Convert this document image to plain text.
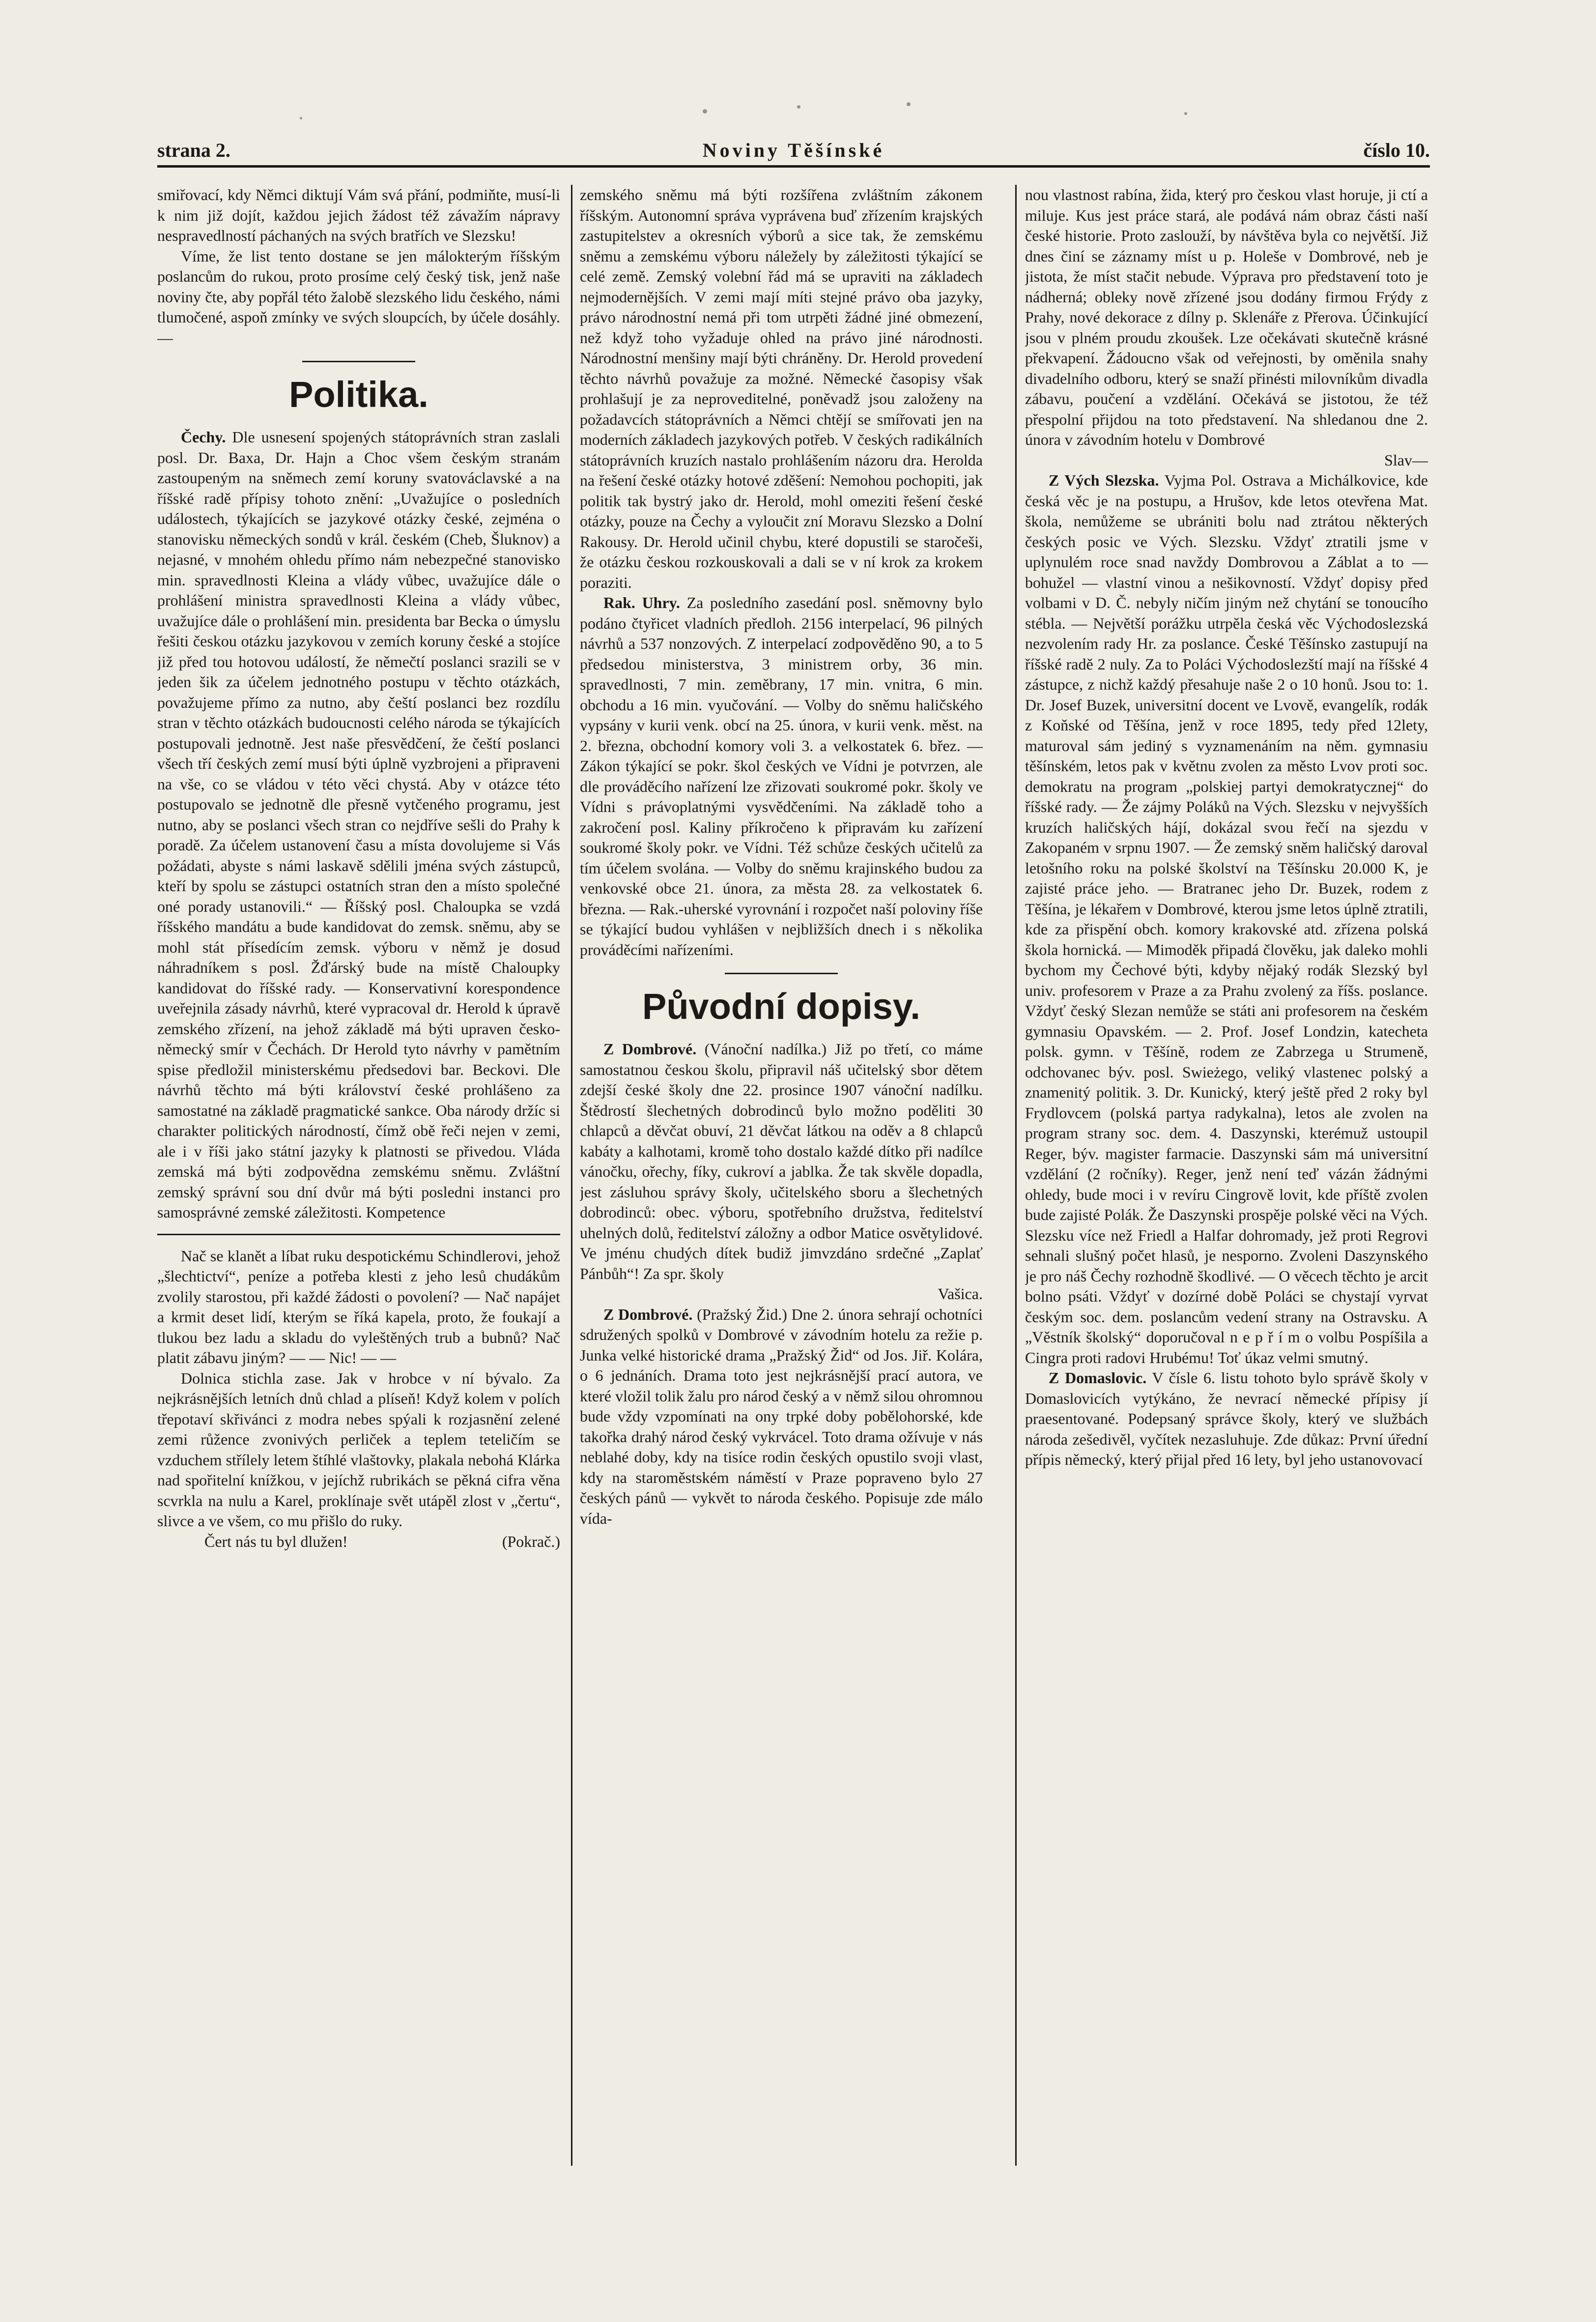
strana 2.	Noviny Těšínské	číslo 10.

smiřovací, kdy Němci diktují Vám svá přání, podmiňte, musí-li k nim již dojít, každou jejich žádost též závažím nápravy nespravedlností páchaných na svých bratřích ve Slezsku!

Víme, že list tento dostane se jen málokterým říšským poslancům do rukou, proto prosíme celý český tisk, jenž naše noviny čte, aby popřál této žalobě slezského lidu českého, námi tlumočené, aspoň zmínky ve svých sloupcích, by účele dosáhly. —

Politika.

Čechy. Dle usnesení spojených státoprávních stran zaslali posl. Dr. Baxa, Dr. Hajn a Choc všem českým stranám zastoupeným na sněmech zemí koruny svatováclavské a na říšské radě přípisy tohoto znění: „Uvažujíce o posledních událostech, týkajících se jazykové otázky české, zejména o stanovisku německých sondů v král. českém (Cheb, Šluknov) a nejasné, v mnohém ohledu přímo nám nebezpečné stanovisko min. spravedlnosti Kleina a vlády vůbec, uvažujíce dále o prohlášení ministra spravedlnosti Kleina a vlády vůbec, uvažujíce dále o prohlášení min. presidenta bar Becka o úmyslu řešiti českou otázku jazykovou v zemích koruny české a stojíce již před tou hotovou událostí, že němečtí poslanci srazili se v jeden šik za účelem jednotného postupu v těchto otázkách, považujeme přímo za nutno, aby čeští poslanci bez rozdílu stran v těchto otázkách budoucnosti celého národa se týkajících postupovali jednotně. Jest naše přesvědčení, že čeští poslanci všech tří českých zemí musí býti úplně vyzbrojeni a připraveni na vše, co se vládou v této věci chystá. Aby v otázce této postupovalo se jednotně dle přesně vytčeného programu, jest nutno, aby se poslanci všech stran co nejdříve sešli do Prahy k poradě. Za účelem ustanovení času a místa dovolujeme si Vás požádati, abyste s námi laskavě sdělili jména svých zástupců, kteří by spolu se zástupci ostatních stran den a místo společné oné porady ustanovili.“ — Říšský posl. Chaloupka se vzdá říšského mandátu a bude kandidovat do zemsk. sněmu, aby se mohl stát přísedícím zemsk. výboru v němž je dosud náhradníkem s posl. Žďárský bude na místě Chaloupky kandidovat do říšské rady. — Konservativní korespondence uveřejnila zásady návrhů, které vypracoval dr. Herold k úpravě zemského zřízení, na jehož základě má býti upraven česko-německý smír v Čechách. Dr Herold tyto návrhy v pamětním spise předložil ministerskému předsedovi bar. Beckovi. Dle návrhů těchto má býti království české prohlášeno za samostatné na základě pragmatické sankce. Oba národy držíc si charakter politických národností, čímž obě řeči nejen v zemi, ale i v říši jako státní jazyky k platnosti se přivedou. Vláda zemská má býti zodpovědna zemskému sněmu. Zvláštní zemský správní sou dní dvůr má býti posledni instanci pro samosprávné zemské záležitosti. Kompetence

Nač se klanět a líbat ruku despotickému Schindlerovi, jehož „šlechtictví“, peníze a potřeba klesti z jeho lesů chudákům zvolily starostou, při každé žádosti o povolení? — Nač napájet a krmit deset lidí, kterým se říká kapela, proto, že foukají a tlukou bez ladu a skladu do vyleštěných trub a bubnů? Nač platit zábavu jiným? — — Nic! — —

Dolnica stichla zase. Jak v hrobce v ní bývalo. Za nejkrásnějších letních dnů chlad a plíseň! Když kolem v polích třepotaví skřivánci z modra nebes spýali k rozjasnění zelené zemi růžence zvonivých perliček a teplem teteličím se vzduchem střílely letem štíhlé vlaštovky, plakala nebohá Klárka nad spořitelní knížkou, v jejíchž rubrikách se pěkná cifra věna scvrkla na nulu a Karel, proklínaje svět utápěl zlost v „čertu“, slivce a ve všem, co mu přišlo do ruky.

Čert nás tu byl dlužen!	(Pokrač.)

zemského sněmu má býti rozšířena zvláštním zákonem říšským. Autonomní správa vyprávena buď zřízením krajských zastupitelstev a okresních výborů a sice tak, že zemskému sněmu a zemskému výboru náležely by záležitosti týkající se celé země. Zemský volební řád má se upraviti na základech nejmodernějších. V zemi mají míti stejné právo oba jazyky, právo národnostní nemá při tom utrpěti žádné jiné obmezení, než když toho vyžaduje ohled na právo jiné národnosti. Národnostní menšiny mají býti chráněny. Dr. Herold provedení těchto návrhů považuje za možné. Německé časopisy však prohlašují je za neproveditelné, poněvadž jsou založeny na požadavcích státoprávních a Němci chtějí se smířovati jen na moderních základech jazykových potřeb. V českých radikálních státoprávních kruzích nastalo prohlášením názoru dra. Herolda na řešení české otázky hotové zděšení: Nemohou pochopiti, jak politik tak bystrý jako dr. Herold, mohl omeziti řešení české otázky, pouze na Čechy a vyloučit zní Moravu Slezsko a Dolní Rakousy. Dr. Herold učinil chybu, které dopustili se staročeši, že otázku českou rozkouskovali a dali se v ní krok za krokem poraziti.

Rak. Uhry. Za posledního zasedání posl. sněmovny bylo podáno čtyřicet vladních předloh. 2156 interpelací, 96 pilných návrhů a 537 nonzových. Z interpelací zodpověděno 90, a to 5 předsedou ministerstva, 3 ministrem orby, 36 min. spravedlnosti, 7 min. zeměbrany, 17 min. vnitra, 6 min. obchodu a 16 min. vyučování. — Volby do sněmu haličského vypsány v kurii venk. obcí na 25. února, v kurii venk. měst. na 2. března, obchodní komory voli 3. a velkostatek 6. břez. — Zákon týkající se pokr. škol českých ve Vídni je potvrzen, ale dle prováděcího nařízení lze zřizovati soukromé pokr. školy ve Vídni s právoplatnými vysvědčeními. Na základě toho a zakročení posl. Kaliny příkročeno k připravám ku zařízení soukromé školy pokr. ve Vídni. Též schůze českých učitelů za tím účelem svolána. — Volby do sněmu krajinského budou za venkovské obce 21. února, za města 28. za velkostatek 6. března. — Rak.-uherské vyrovnání i rozpočet naší poloviny říše se týkající budou vyhlášen v nejbližších dnech i s několika prováděcími nařízeními.

Původní dopisy.

Z Dombrové. (Vánoční nadílka.) Již po třetí, co máme samostatnou českou školu, připravil náš učitelský sbor dětem zdejší české školy dne 22. prosince 1907 vánoční nadílku. Štědrostí šlechetných dobrodinců bylo možno poděliti 30 chlapců a děvčat obuví, 21 děvčat látkou na oděv a 8 chlapců kabáty a kalhotami, kromě toho dostalo každé dítko při nadílce vánočku, ořechy, fíky, cukroví a jablka. Že tak skvěle dopadla, jest zásluhou správy školy, učitelského sboru a šlechetných dobrodinců: obec. výboru, spotřebního družstva, ředitelství uhelných dolů, ředitelství záložny a odbor Matice osvětylidové. Ve jménu chudých dítek budiž jimvzdáno srdečné „Zaplať Pánbůh“! Za spr. školy

Vašica.

Z Dombrové. (Pražský Žid.) Dne 2. února sehrají ochotníci sdružených spolků v Dombrové v závodním hotelu za režie p. Junka velké historické drama „Pražský Žid“ od Jos. Jiř. Kolára, o 6 jednáních. Drama toto jest nejkrásnější prací autora, ve které vložil tolik žalu pro národ český a v němž silou ohromnou bude vždy vzpomínati na ony trpké doby pobělohorské, kde takořka drahý národ český vykrvácel. Toto drama ožívuje v nás neblahé doby, kdy na tisíce rodin českých opustilo svoji vlast, kdy na staroměstském náměstí v Praze popraveno bylo 27 českých pánů — vykvět to národa českého. Popisuje zde málo vída-

nou vlastnost rabína, žida, který pro českou vlast horuje, ji ctí a miluje. Kus jest práce stará, ale podává nám obraz části naší české historie. Proto zaslouží, by návštěva byla co největší. Již dnes činí se záznamy míst u p. Holeše v Dombrové, neb je jistota, že míst stačit nebude. Výprava pro představení toto je nádherná; obleky nově zřízené jsou dodány firmou Frýdy z Prahy, nové dekorace z dílny p. Sklenáře z Přerova. Účinkující jsou v plném proudu zkoušek. Lze očekávati skutečně krásné překvapení. Žádoucno však od veřejnosti, by oměnila snahy divadelního odboru, který se snaží přinésti milovníkům divadla zábavu, poučení a vzdělání. Očekává se jistotou, že též přespolní přijdou na toto představení. Na shledanou dne 2. února v závodním hotelu v Dombrové

Slav—

Z Vých Slezska. Vyjma Pol. Ostrava a Michálkovice, kde česká věc je na postupu, a Hrušov, kde letos otevřena Mat. škola, nemůžeme se ubrániti bolu nad ztrátou některých českých posic ve Vých. Slezsku. Vždyť ztratili jsme v uplynulém roce snad navždy Dombrovou a Záblat a to — bohužel — vlastní vinou a nešikovností. Vždyť dopisy před volbami v D. Č. nebyly ničím jiným než chytání se tonoucího stébla. — Největší porážku utrpěla česká věc Východoslezská nezvolením rady Hr. za poslance. České Těšínsko zastupují na říšské radě 2 nuly. Za to Poláci Východoslezští mají na říšské 4 zástupce, z nichž každý přesahuje naše 2 o 10 honů. Jsou to: 1. Dr. Josef Buzek, universitní docent ve Lvově, evangelík, rodák z Koňské od Těšína, jenž v roce 1895, tedy před 12lety, maturoval sám jediný s vyznamenáním na něm. gymnasiu těšínském, letos pak v květnu zvolen za město Lvov proti soc. demokratu na program „polskiej partyi demokratycznej“ do říšské rady. — Že zájmy Poláků na Vých. Slezsku v nejvyšších kruzích haličských hájí, dokázal svou řečí na sjezdu v Zakopaném v srpnu 1907. — Že zemský sněm haličský daroval letošního roku na polské školství na Těšínsku 20.000 K, je zajisté práce jeho. — Bratranec jeho Dr. Buzek, rodem z Těšína, je lékařem v Dombrové, kterou jsme letos úplně ztratili, kde za přispění obch. komory krakovské atd. zřízena polská škola hornická. — Mimoděk připadá člověku, jak daleko mohli bychom my Čechové býti, kdyby nějaký rodák Slezský byl univ. profesorem v Praze a za Prahu zvolený za říšs. poslance. Vždyť český Slezan nemůže se státi ani profesorem na českém gymnasiu Opavském. — 2. Prof. Josef Londzin, katecheta polsk. gymn. v Těšíně, rodem ze Zabrzega u Strumeně, odchovanec býv. posl. Swieżego, veliký vlastenec polský a znamenitý politik. 3. Dr. Kunický, který ještě před 2 roky byl Frydlovcem (polská partya radykalna), letos ale zvolen na program strany soc. dem. 4. Daszynski, kterémuž ustoupil Reger, býv. magister farmacie. Daszynski sám má universitní vzdělání (2 ročníky). Reger, jenž není teď vázán žádnými ohledy, bude moci i v revíru Cingrově lovit, kde příště zvolen bude zajisté Polák. Že Daszynski prospěje polské věci na Vých. Slezsku více než Friedl a Halfar dohromady, jež proti Regrovi sehnali slušný počet hlasů, je nesporno. Zvoleni Daszynského je pro náš Čechy rozhodně škodlivé. — O věcech těchto je arcit bolno psáti. Vždyť v dozírné době Poláci se chystají vyrvat českým soc. dem. poslancům vedení strany na Ostravsku. A „Věstník školský“ doporučoval n e p ř í m o volbu Pospíšila a Cingra proti radovi Hrubému! Toť úkaz velmi smutný.

Z Domaslovic. V čísle 6. listu tohoto bylo správě školy v Domaslovicích vytýkáno, že nevrací německé přípisy jí praesentované. Podepsaný správce školy, který ve službách národa zešedivěl, vyčítek nezasluhuje. Zde důkaz: První úřední přípis německý, který přijal před 16 lety, byl jeho ustanovovací
